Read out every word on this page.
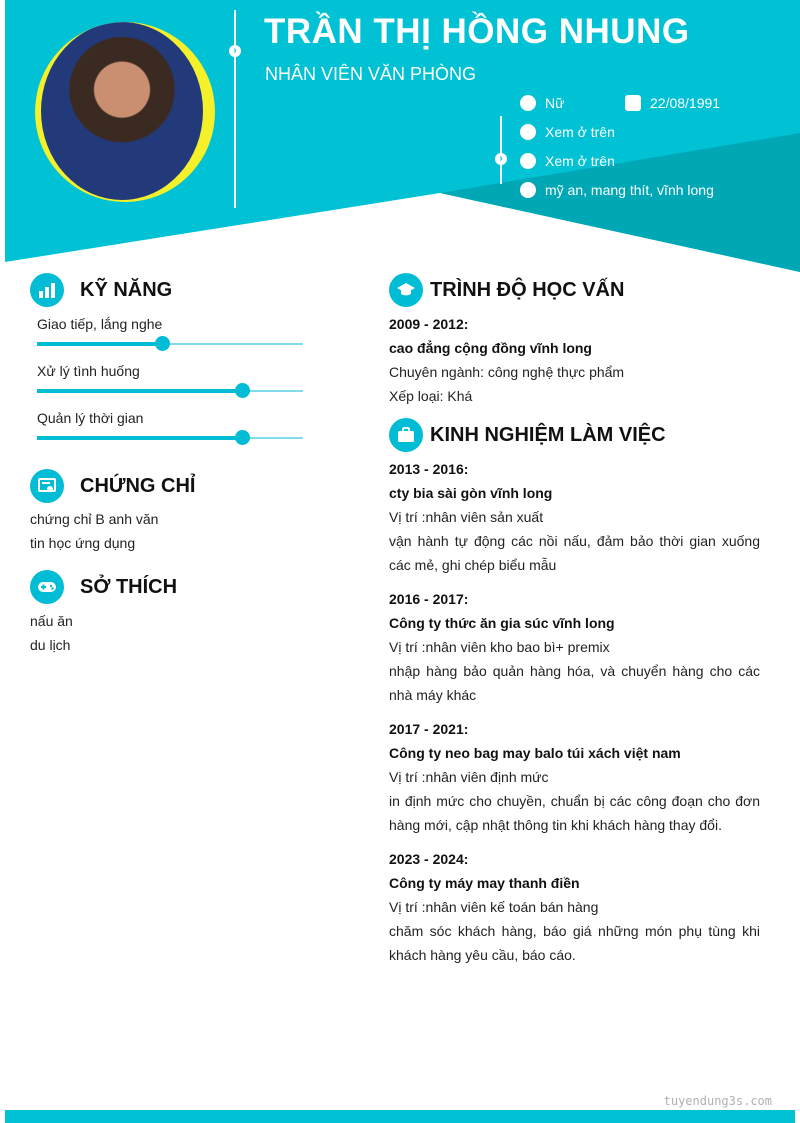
› TRẦN THỊ HỒNG NHUNG
NHÂN VIÊN VĂN PHÒNG
›
Nữ	22/08/1991
Xem ở trên
Xem ở trên
mỹ an, mang thít, vĩnh long
KỸ NĂNG
Giao tiếp, lắng nghe
Xử lý tình huống
Quản lý thời gian
CHỨNG CHỈ
chứng chỉ B anh văn
tin học ứng dụng
SỞ THÍCH
nấu ăn
du lịch
TRÌNH ĐỘ HỌC VẤN
2009 - 2012:
cao đẳng cộng đồng vĩnh long
Chuyên ngành: công nghệ thực phẩm
Xếp loại: Khá
KINH NGHIỆM LÀM VIỆC
2013 - 2016:
cty bia sài gòn vĩnh long
Vị trí :nhân viên sản xuất
vận hành tự động các nồi nấu, đảm bảo thời gian xuống các mẻ, ghi chép biểu mẫu
2016 - 2017:
Công ty thức ăn gia súc vĩnh long
Vị trí :nhân viên kho bao bì+ premix
nhập hàng bảo quản hàng hóa, và chuyển hàng cho các nhà máy khác
2017 - 2021:
Công ty neo bag may balo túi xách việt nam
Vị trí :nhân viên định mức
in định mức cho chuyền, chuẩn bị các công đoạn cho đơn hàng mới, cập nhật thông tin khi khách hàng thay đổi.
2023 - 2024:
Công ty máy may thanh điền
Vị trí :nhân viên kế toán bán hàng
chăm sóc khách hàng, báo giá những món phụ tùng khi khách hàng yêu cầu, báo cáo.
tuyendung3s.com
